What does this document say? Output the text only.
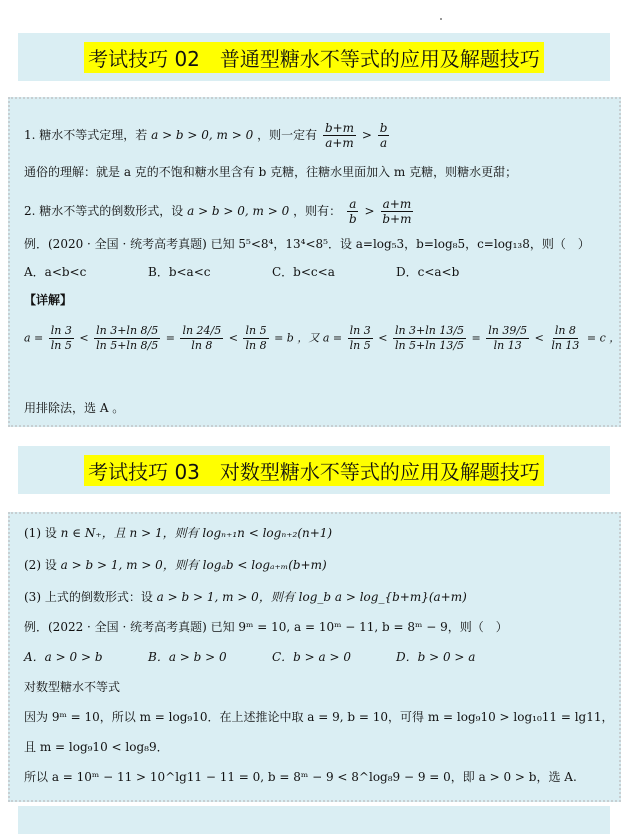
考试技巧 02　普通型糖水不等式的应用及解题技巧
1. 糖水不等式定理，若 a > b > 0, m > 0 ，则一定有 $\frac{b+m}{a+m} > \frac{b}{a}$
通俗的理解：就是 a 克的不饱和糖水里含有 b 克糖，往糖水里面加入 m 克糖，则糖水更甜；
2. 糖水不等式的倒数形式，设 a > b > 0, m > 0 ，则有： $\frac{a}{b} > \frac{a+m}{b+m}$
例．(2020 · 全国 · 统考高考真题) 已知 5⁵<8⁴，13⁴<8⁵．设 a=log₅3，b=log₈5，c=log₁₃8，则（　）
A．a<b<c	B．b<a<c	C．b<c<a	D．c<a<b
【详解】
$a = \frac{\ln 3}{\ln 5} < \frac{\ln 3+\ln 8/5}{\ln 5+\ln 8/5} = \frac{\ln 24/5}{\ln 8} < \frac{\ln 5}{\ln 8} = b$ ，又 $a = \frac{\ln 3}{\ln 5} < \frac{\ln 3+\ln 13/5}{\ln 5+\ln 13/5} = \frac{\ln 39/5}{\ln 13} < \frac{\ln 8}{\ln 13} = c$ ，
用排除法，选 A 。
考试技巧 03　对数型糖水不等式的应用及解题技巧
(1) 设 n ∈ N₊，且 n > 1，则有 logₙ₊₁n < logₙ₊₂(n+1)
(2) 设 a > b > 1, m > 0，则有 logₐb < logₐ₊ₘ(b+m)
(3) 上式的倒数形式：设 a > b > 1, m > 0，则有 log_b a > log_{b+m}(a+m)
例．(2022 · 全国 · 统考高考真题) 已知 9ᵐ = 10, a = 10ᵐ − 11, b = 8ᵐ − 9，则（　）
A．a > 0 > b	B．a > b > 0	C．b > a > 0	D．b > 0 > a
对数型糖水不等式
因为 9ᵐ = 10，所以 m = log₉10．在上述推论中取 a = 9, b = 10，可得 m = log₉10 > log₁₀11 = lg11，
且 m = log₉10 < log₈9．
所以 a = 10ᵐ − 11 > 10^lg11 − 11 = 0, b = 8ᵐ − 9 < 8^log₈9 − 9 = 0，即 a > 0 > b，选 A.
